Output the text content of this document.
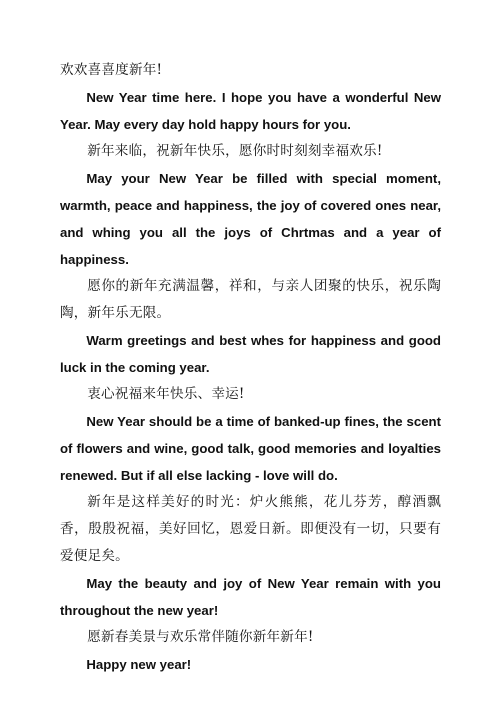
欢欢喜喜度新年!

New Year time here. I hope you have a wonderful New Year. May every day hold happy hours for you.

新年来临，祝新年快乐，愿你时时刻刻幸福欢乐!

May your New Year be filled with special moment, warmth, peace and happiness, the joy of covered ones near, and whing you all the joys of Chrtmas and a year of happiness.

愿你的新年充满温馨，祥和，与亲人团聚的快乐，祝乐陶陶，新年乐无限。

Warm greetings and best whes for happiness and good luck in the coming year.

衷心祝福来年快乐、幸运!

New Year should be a time of banked-up fines, the scent of flowers and wine, good talk, good memories and loyalties renewed. But if all else lacking - love will do.

新年是这样美好的时光：炉火熊熊，花儿芬芳，醇酒飘香，殷殷祝福，美好回忆，恩爱日新。即便没有一切，只要有爱便足矣。

May the beauty and joy of New Year remain with you throughout the new year!

愿新春美景与欢乐常伴随你新年新年!

Happy new year!
